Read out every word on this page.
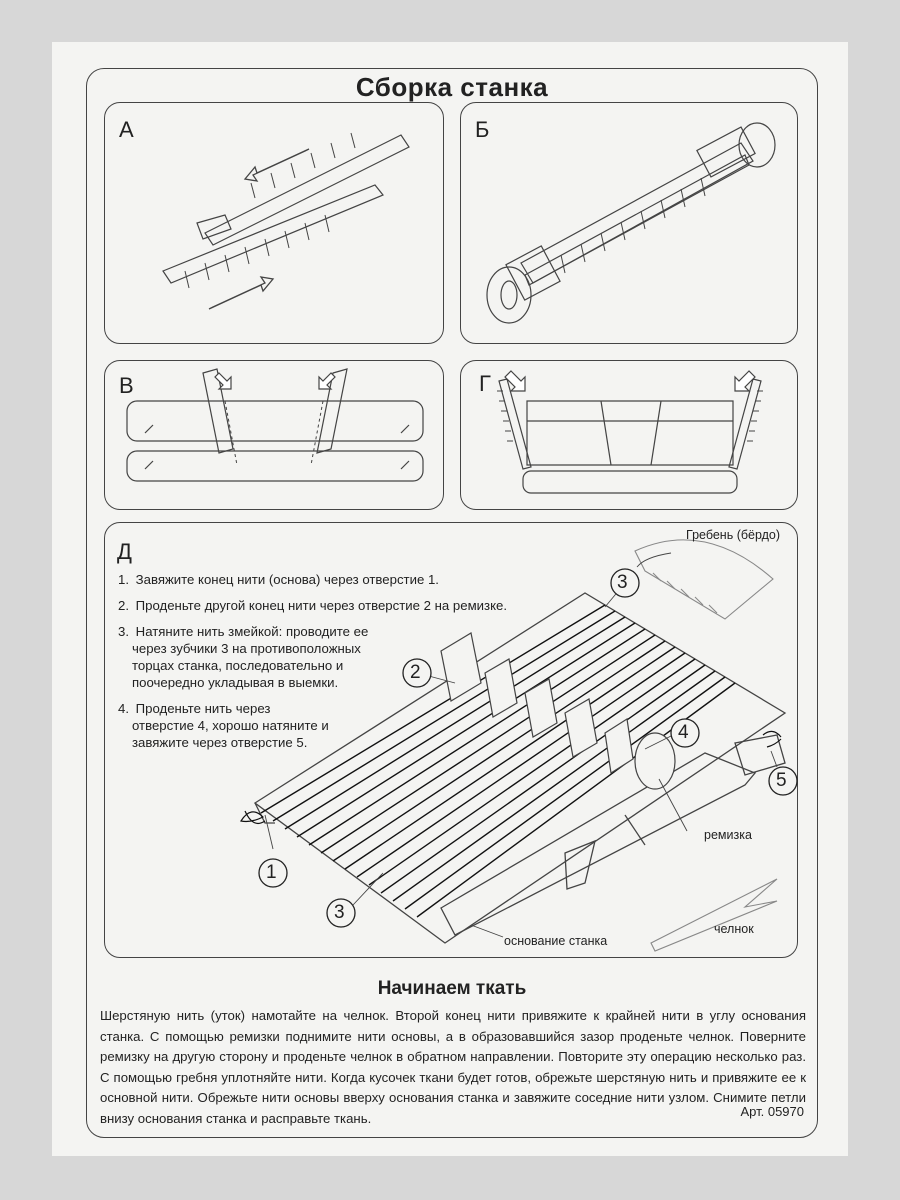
Сборка станка
А	Б
В	Г
Д
3
2
4
5
1
3
Гребень (бёрдо)
ремизка
основание станка
челнок
1. Завяжите конец нити (основа) через отверстие 1.
2. Проденьте другой конец нити через отверстие 2 на ремизке.
3. Натяните нить змейкой: проводите ее через зубчики 3 на противоположных торцах станка, последовательно и поочередно укладывая в выемки.
4. Проденьте нить через отверстие 4, хорошо натяните и завяжите через отверстие 5.
Начинаем ткать
Шерстяную нить (уток) намотайте на челнок. Второй конец нити привяжите к крайней нити в углу основания станка. С помощью ремизки поднимите нити основы, а в образовавшийся зазор проденьте челнок. Поверните ремизку на другую сторону и проденьте челнок в обратном направлении. Повторите эту операцию несколько раз. С помощью гребня уплотняйте нити. Когда кусочек ткани будет готов, обрежьте шерстяную нить и привяжите ее к основной нити. Обрежьте нити основы вверху основания станка и завяжите соседние нити узлом. Снимите петли внизу основания станка и расправьте ткань.	Арт. 05970
